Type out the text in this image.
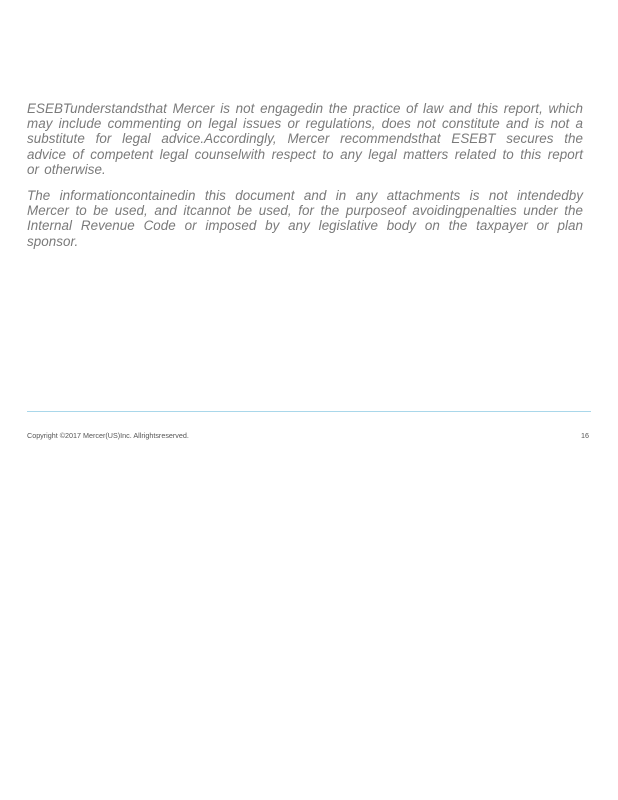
ESEBTunderstandsthat Mercer is not engagedin the practice of law and this report, which may include commenting on legal issues or regulations, does not constitute and is not a substitute for legal advice.Accordingly, Mercer recommendsthat ESEBT secures the advice of competent legal counselwith respect to any legal matters related to this report or otherwise.

The informationcontainedin this document and in any attachments is not intendedby Mercer to be used, and itcannot be used, for the purposeof avoidingpenalties under the Internal Revenue Code or imposed by any legislative body on the taxpayer or plan sponsor.

Copyright ©2017 Mercer(US)Inc. Allrightsreserved.	16
